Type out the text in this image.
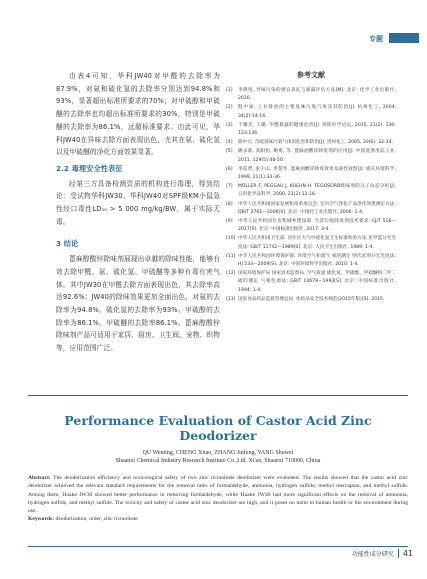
专题

由表4可知，华科JW40对甲醛的去除率为87.9%，对氨和硫化氢的去除率分别达到94.8%和93%，显著超出标准所要求的70%；对甲硫醇和甲硫醚的去除率也均超出标准所要求的30%，特别是甲硫醚的去除率为86.1%，远超标准要求。由此可见，华科JW40在异味去除方面表现出色，尤其在氨、硫化氢以及甲硫醚的净化方面效果显著。

2.2 毒理安全性表征

经第三方具备检测资质的机构进行毒理，得到结论：受试物华科JW30、华科JW40对SPF级KM小鼠急性经口毒性LD₅₀ > 5 000 mg/kg/BW，属于实际无毒。

3 结论

蓖麻醇酸锌除味剂展现出卓越的除味性能，能够有效去除甲醛、氨、硫化氢、甲硫醚等多种有毒有害气体。其中JW30在甲醛去除方面表现出色，其去除率高达92.6%；JW40的除味效果更加全面出色，对氨的去除率为94.8%、硫化氢的去除率为93%、甲硫醇的去除率为86.1%、甲硫醚的去除率86.1%。蓖麻醇酸锌除味剂产品可适用于家居、厨房、卫生间、宠物、织物等，应用范围广泛。

参考文献
[1]	李倩男. 异味污染的感官表征与暴露评估方法[M]. 北京: 化学工业出版社, 2020.
[2]	殷中豪. 工业排放的主要臭味污染气体及其防治[J]. 杭州化工, 2004, 34(2):14-16.
[3]	于耀光, 王璐. 甲醛暴露的健康危害[J]. 预防医学论坛, 2015, 21(2): 130-133;136.
[4]	陈中元. 含硫臭味污染气体的危害和防治[J]. 贵州化工, 2005, 30(6): 32-34.
[5]	姚永新, 高阳恒, 鲍勇, 等. 蓖麻油酸锌除臭剂的应用[J]. 中国洗涤用品工业, 2011, 129(5):48-50.
[6]	李雷贤, 张宇山, 李慧琴. 蓖麻油酸锌除臭效果及毒性观察[J]. 重庆环境科学, 1999, 21(1):33-36.
[7]	MÜLLER F, PEGGAU J, KUEHN H. TEGOSORB吸味剂的分子动态分析[J]. 日用化学品科学, 2000, 23(2):12-16.
[8]	中华人民共和国国家发展和改革委员会. 室内空气净化产品净化效果测定方法: QB/T 2761—2006[S]. 北京: 中国轻工业出版社, 2006: 1-4.
[9]	中华人民共和国住房和城乡建设部. 生活垃圾除臭剂技术要求: CJ/T 516—2017[S]. 北京: 中国标准出版社, 2017: 3-4.
[10] 中华人民共和国卫生部. 居住区大气中硫化氢卫生标准检验方法 亚甲蓝分光光度法: GB/T 11742—1989[S]. 北京: 人民卫生出版社, 1989: 1-4.
[11] 中华人民共和国环境保护部. 环境空气和废气 氨的测定 纳氏试剂分光光度法: HJ 533—2009[S]. 北京: 中国环境科学出版社, 2010: 1-4.
[12] 国家环境保护局 国家技术监督局. 空气质量 硫化氢、甲硫醇、甲硫醚和二甲二硫的测定 气相色谱法: GB/T 14678—1993[S]. 北京: 中国标准出版社, 1994: 1-4.
[13] 国家食品药品监督管理总局. 化妆品安全技术规范(2015年版)[S]. 2015.
Performance Evaluation of Castor Acid Zinc Deodorizer
QU Wenting, CHENG Xitao, ZHANG Jinfeng, YANG Shuwei
Shaanxi Chemical Industry Research Institute Co.,Ltd. Xi'an, Shaanxi 710000, China

Abstract: The deodorization efficiency and toxicological safety of two zinc ricinoleate deodorizer were evaluated. The results showed that the castor acid zinc deodorizer achieved the relevant standard requirements for the removal rates of formaldehyde, ammonia, hydrogen sulfide, methyl mercaptan, and methyl sulfide. Among them, Huake JW30 showed better performance in removing formaldehyde, while Huake JW40 had more significant effects on the removal of ammonia, hydrogen sulfide, and methyl sulfide. The toxicity and safety of castor acid zinc deodorizer are high, and it poses no harm to human health or the environment during use.

Keywords: deodorization, order, zinc ricinoleate
功能性成分研究 41
